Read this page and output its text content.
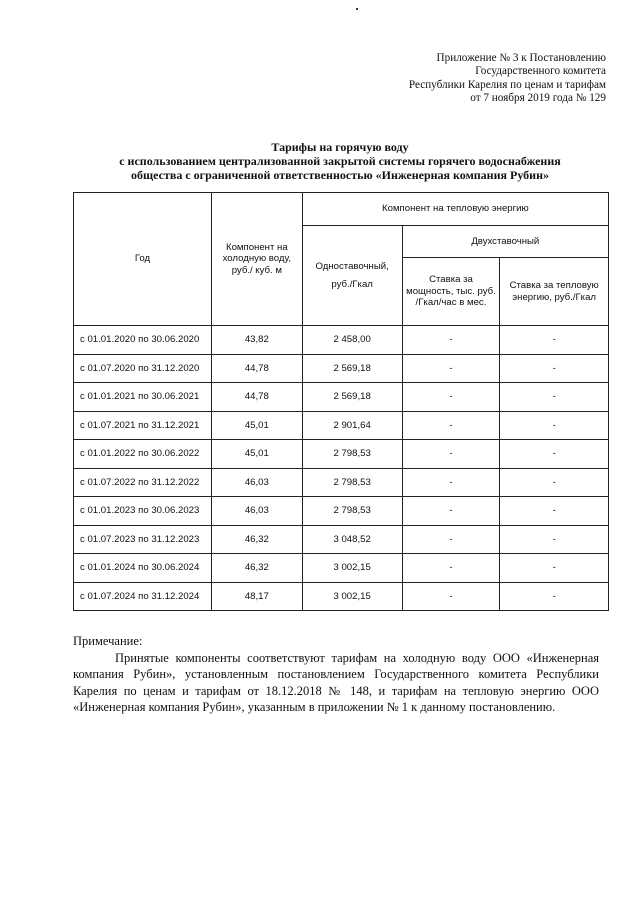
Приложение № 3 к Постановлению
Государственного комитета
Республики Карелия по ценам и тарифам
от 7 ноября 2019 года № 129
Тарифы на горячую воду
с использованием централизованной закрытой системы горячего водоснабжения
общества с ограниченной ответственностью «Инженерная компания Рубин»
Год	Компонент на холодную воду, руб./ куб. м	Компонент на тепловую энергию		
		Одноставочный, руб./Гкал	Двухставочный	
			Ставка за мощность, тыс. руб. /Гкал/час в мес.	Ставка за тепловую энергию, руб./Гкал
с 01.01.2020 по 30.06.2020	43,82	2 458,00	-	-
с 01.07.2020 по 31.12.2020	44,78	2 569,18	-	-
с 01.01.2021 по 30.06.2021	44,78	2 569,18	-	-
с 01.07.2021 по 31.12.2021	45,01	2 901,64	-	-
с 01.01.2022 по 30.06.2022	45,01	2 798,53	-	-
с 01.07.2022 по 31.12.2022	46,03	2 798,53	-	-
с 01.01.2023 по 30.06.2023	46,03	2 798,53	-	-
с 01.07.2023 по 31.12.2023	46,32	3 048,52	-	-
с 01.01.2024 по 30.06.2024	46,32	3 002,15	-	-
с 01.07.2024 по 31.12.2024	48,17	3 002,15	-	-
Примечание:
Принятые компоненты соответствуют тарифам на холодную воду ООО «Инженерная компания Рубин», установленным постановлением Государственного комитета Республики Карелия по ценам и тарифам от 18.12.2018 № 148, и тарифам на тепловую энергию ООО «Инженерная компания Рубин», указанным в приложении № 1 к данному постановлению.
